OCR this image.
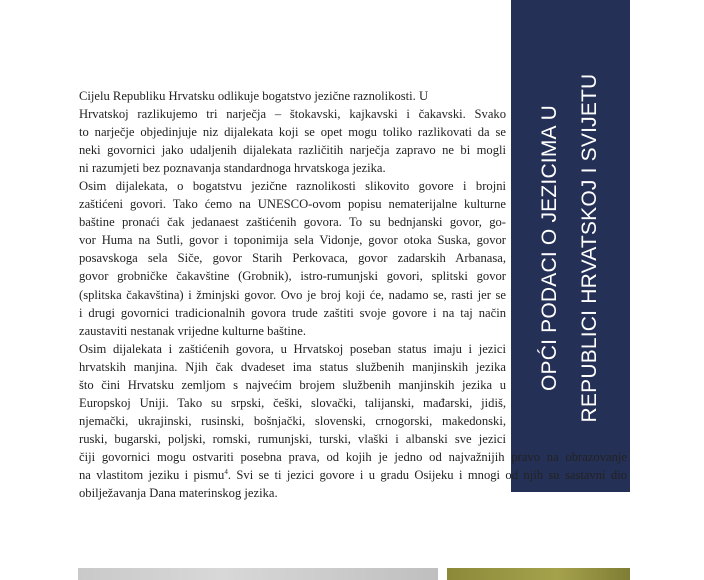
OPĆI PODACI O JEZICIMA U REPUBLICI HRVATSKOJ I SVIJETU
Cijelu Republiku Hrvatsku odlikuje bogatstvo jezične raznolikosti. U
Hrvatskoj razlikujemo tri narječja – štokavski, kajkavski i čakavski. Svako
to narječje objedinjuje niz dijalekata koji se opet mogu toliko razlikovati da se
neki govornici jako udaljenih dijalekata različitih narječja zapravo ne bi mogli
ni razumjeti bez poznavanja standardnoga hrvatskoga jezika.
Osim dijalekata, o bogatstvu jezične raznolikosti slikovito govore i brojni
zaštićeni govori. Tako ćemo na UNESCO-ovom popisu nematerijalne kulturne
baštine pronaći čak jedanaest zaštićenih govora. To su bednjanski govor, go-
vor Huma na Sutli, govor i toponimija sela Vidonje, govor otoka Suska, govor
posavskoga sela Siče, govor Starih Perkovaca, govor zadarskih Arbanasa,
govor grobničke čakavštine (Grobnik), istro-rumunjski govori, splitski govor
(splitska čakavština) i žminjski govor. Ovo je broj koji će, nadamo se, rasti jer se
i drugi govornici tradicionalnih govora trude zaštiti svoje govore i na taj način
zaustaviti nestanak vrijedne kulturne baštine.
Osim dijalekata i zaštićenih govora, u Hrvatskoj poseban status imaju i jezici
hrvatskih manjina. Njih čak dvadeset ima status službenih manjinskih jezika
što čini Hrvatsku zemljom s najvećim brojem službenih manjinskih jezika u
Europskoj Uniji. Tako su srpski, češki, slovački, talijanski, mađarski, jidiš,
njemački, ukrajinski, rusinski, bošnjački, slovenski, crnogorski, makedonski,
ruski, bugarski, poljski, romski, rumunjski, turski, vlaški i albanski sve jezici
čiji govornici mogu ostvariti posebna prava, od kojih je jedno od najvažnijih pravo na obrazovanje
na vlastitom jeziku i pismu$^4$. Svi se ti jezici govore i u gradu Osijeku i mnogi od njih su sastavni dio
obilježavanja Dana materinskog jezika.
